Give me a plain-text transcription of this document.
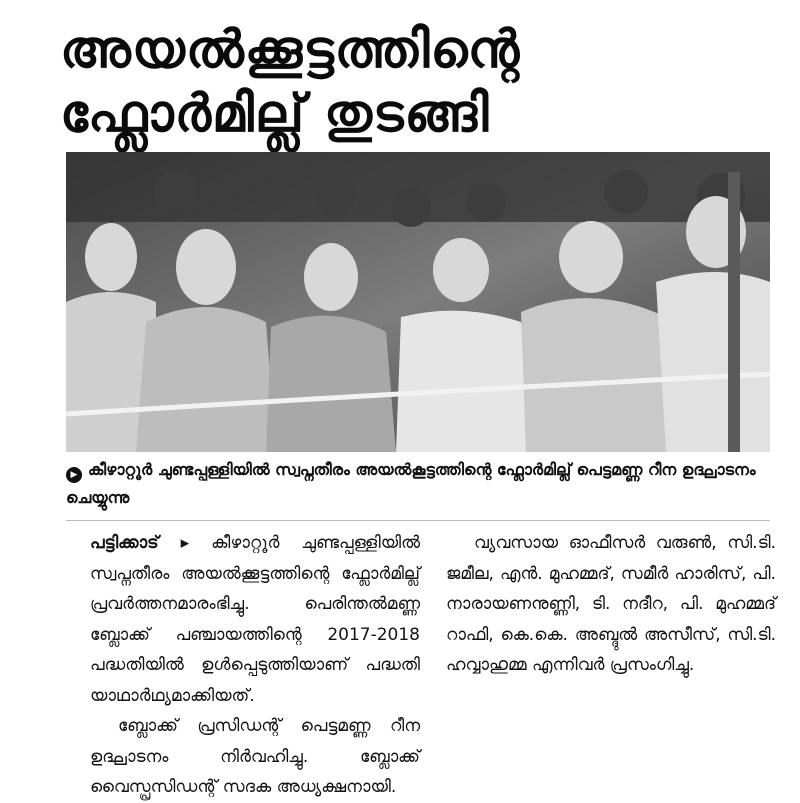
അയൽക്കൂട്ടത്തിന്റെ
ഫ്ലോർമില്ല് തുടങ്ങി
▶ കീഴാറ്റൂർ ചുണ്ടപ്പള്ളിയിൽ സ്വപ്നതീരം അയൽകൂട്ടത്തിന്റെ ഫ്ലോർമില്ല് പെട്ടമണ്ണ റീന ഉദ്ഘാടനം ചെയ്യുന്നു

പട്ടിക്കാട് ▸ കീഴാറ്റൂർ ചുണ്ടപ്പള്ളിയിൽ സ്വപ്നതീരം അയൽക്കൂട്ടത്തിന്റെ ഫ്ലോർമില്ല് പ്രവർത്തനമാരംഭിച്ചു. പെരിന്തൽമണ്ണ ബ്ലോക്ക് പഞ്ചായത്തിന്റെ 2017-2018 പദ്ധതിയിൽ ഉൾപ്പെടുത്തിയാണ് പദ്ധതി യാഥാർഥ്യമാക്കിയത്.

ബ്ലോക്ക് പ്രസിഡന്റ് പെട്ടമണ്ണ റീന ഉദ്ഘാടനം നിർവഹിച്ചു. ബ്ലോക്ക് വൈസ്പ്രസിഡന്റ് സദക അധ്യക്ഷനായി.

വ്യവസായ ഓഫീസർ വരുൺ, സി.ടി. ജമീല, എൻ. മുഹമ്മദ്, സമീർ ഹാരിസ്, പി. നാരായണനുണ്ണി, ടി. നദീറ, പി. മുഹമ്മദ് റാഫി, കെ.കെ. അബ്ദുൽ അസീസ്, സി.ടി. ഹവ്വാഹുമ്മ എന്നിവർ പ്രസംഗിച്ചു.
